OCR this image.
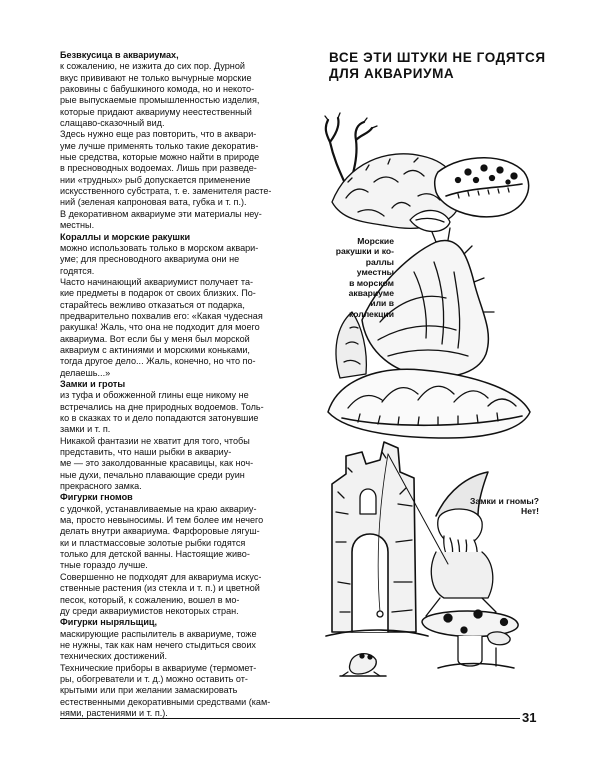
Безвкусица в аквариумах,

к сожалению, не изжита до сих пор. Дурной
вкус прививают не только вычурные морские
раковины с бабушкиного комода, но и некото-
рые выпускаемые промышленностью изделия,
которые придают аквариуму неестественный
слащаво-сказочный вид.

Здесь нужно еще раз повторить, что в аквари-
уме лучше применять только такие декоратив-
ные средства, которые можно найти в природе
в пресноводных водоемах. Лишь при разведе-
нии «трудных» рыб допускается применение
искусственного субстрата, т. е. заменителя расте-
ний (зеленая капроновая вата, губка и т. п.).
В декоративном аквариуме эти материалы неу-
местны.

Кораллы и морские ракушки

можно использовать только в морском аквари-
уме; для пресноводного аквариума они не
годятся.

Часто начинающий аквариумист получает та-
кие предметы в подарок от своих близких. По-
старайтесь вежливо отказаться от подарка,
предварительно похвалив его: «Какая чудесная
ракушка! Жаль, что она не подходит для моего
аквариума. Вот если бы у меня был морской
аквариум с актиниями и морскими коньками,
тогда другое дело... Жаль, конечно, но что по-
делаешь...»

Замки и гроты

из туфа и обожженной глины еще никому не
встречались на дне природных водоемов. Толь-
ко в сказках то и дело попадаются затонувшие
замки и т. п.

Никакой фантазии не хватит для того, чтобы
представить, что наши рыбки в аквариу-
ме — это заколдованные красавицы, как ноч-
ные духи, печально плавающие среди руин
прекрасного замка.

Фигурки гномов

с удочкой, устанавливаемые на краю аквариу-
ма, просто невыносимы. И тем более им нечего
делать внутри аквариума. Фарфоровые лягуш-
ки и пластмассовые золотые рыбки годятся
только для детской ванны. Настоящие живо-
тные гораздо лучше.

Совершенно не подходят для аквариума искус-
ственные растения (из стекла и т. п.) и цветной
песок, который, к сожалению, вошел в мо-
ду среди аквариумистов некоторых стран.

Фигурки ныряльщиц,

маскирующие распылитель в аквариуме, тоже
не нужны, так как нам нечего стыдиться своих
технических достижений.

Технические приборы в аквариуме (термомет-
ры, обогреватели и т. д.) можно оставить от-
крытыми или при желании замаскировать
естественными декоративными средствами (кам-
нями, растениями и т. п.).

ВСЕ ЭТИ ШТУКИ НЕ ГОДЯТСЯ
ДЛЯ АКВАРИУМА

Морские
ракушки и ко-
раллы уместны
в морском
аквариуме
или в коллекции

Замки и гномы?
Нет!

31
